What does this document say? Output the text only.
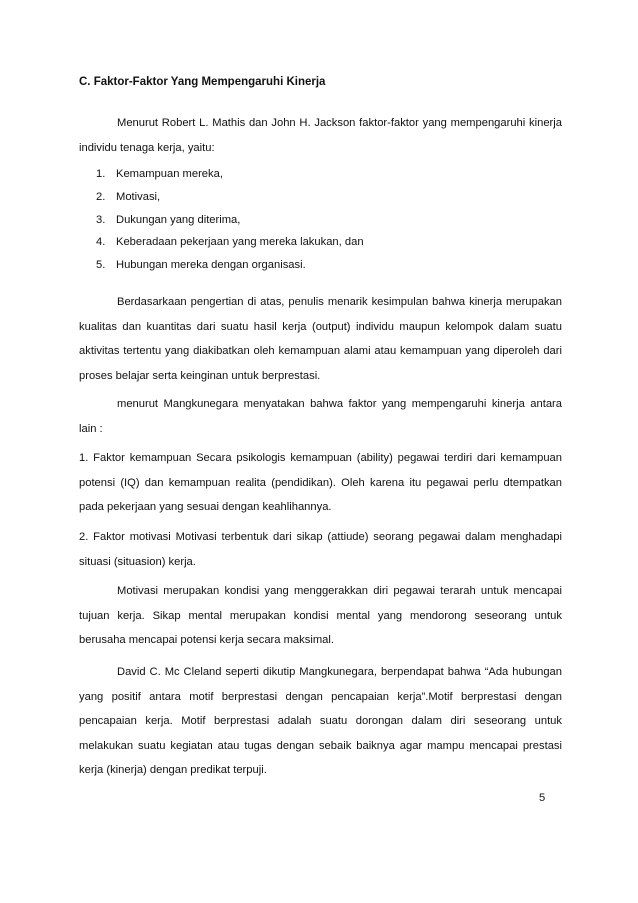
C. Faktor-Faktor Yang Mempengaruhi Kinerja
Menurut Robert L. Mathis dan John H. Jackson faktor-faktor yang mempengaruhi kinerja individu tenaga kerja, yaitu:
1. Kemampuan mereka,
2. Motivasi,
3. Dukungan yang diterima,
4. Keberadaan pekerjaan yang mereka lakukan, dan
5. Hubungan mereka dengan organisasi.
Berdasarkaan pengertian di atas, penulis menarik kesimpulan bahwa kinerja merupakan kualitas dan kuantitas dari suatu hasil kerja (output) individu maupun kelompok dalam suatu aktivitas tertentu yang diakibatkan oleh kemampuan alami atau kemampuan yang diperoleh dari proses belajar serta keinginan untuk berprestasi.
menurut Mangkunegara menyatakan bahwa faktor yang mempengaruhi kinerja antara lain :
1. Faktor kemampuan Secara psikologis kemampuan (ability) pegawai terdiri dari kemampuan potensi (IQ) dan kemampuan realita (pendidikan). Oleh karena itu pegawai perlu dtempatkan pada pekerjaan yang sesuai dengan keahlihannya.
2. Faktor motivasi Motivasi terbentuk dari sikap (attiude) seorang pegawai dalam menghadapi situasi (situasion) kerja.
Motivasi merupakan kondisi yang menggerakkan diri pegawai terarah untuk mencapai tujuan kerja. Sikap mental merupakan kondisi mental yang mendorong seseorang untuk berusaha mencapai potensi kerja secara maksimal.
David C. Mc Cleland seperti dikutip Mangkunegara, berpendapat bahwa “Ada hubungan yang positif antara motif berprestasi dengan pencapaian kerja”.Motif berprestasi dengan pencapaian kerja. Motif berprestasi adalah suatu dorongan dalam diri seseorang untuk melakukan suatu kegiatan atau tugas dengan sebaik baiknya agar mampu mencapai prestasi kerja (kinerja) dengan predikat terpuji.
5
